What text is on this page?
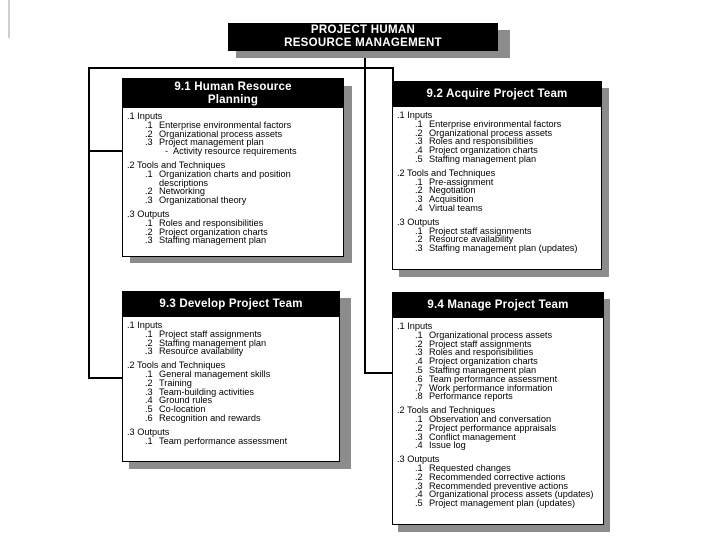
PROJECT HUMAN
RESOURCE MANAGEMENT
9.1 Human Resource
Planning
.1 Inputs
.1 Enterprise environmental factors
.2 Organizational process assets
.3 Project management plan
- Activity resource requirements
.2 Tools and Techniques
.1 Organization charts and position descriptions
.2 Networking
.3 Organizational theory
.3 Outputs
.1 Roles and responsibilities
.2 Project organization charts
.3 Staffing management plan
9.2 Acquire Project Team
.1 Inputs
.1 Enterprise environmental factors
.2 Organizational process assets
.3 Roles and responsibilities
.4 Project organization charts
.5 Staffing management plan
.2 Tools and Techniques
.1 Pre-assignment
.2 Negotiation
.3 Acquisition
.4 Virtual teams
.3 Outputs
.1 Project staff assignments
.2 Resource availability
.3 Staffing management plan (updates)
9.3 Develop Project Team
.1 Inputs
.1 Project staff assignments
.2 Staffing management plan
.3 Resource availability
.2 Tools and Techniques
.1 General management skills
.2 Training
.3 Team-building activities
.4 Ground rules
.5 Co-location
.6 Recognition and rewards
.3 Outputs
.1 Team performance assessment
9.4 Manage Project Team
.1 Inputs
.1 Organizational process assets
.2 Project staff assignments
.3 Roles and responsibilities
.4 Project organization charts
.5 Staffing management plan
.6 Team performance assessment
.7 Work performance information
.8 Performance reports
.2 Tools and Techniques
.1 Observation and conversation
.2 Project performance appraisals
.3 Conflict management
.4 Issue log
.3 Outputs
.1 Requested changes
.2 Recommended corrective actions
.3 Recommended preventive actions
.4 Organizational process assets (updates)
.5 Project management plan (updates)
